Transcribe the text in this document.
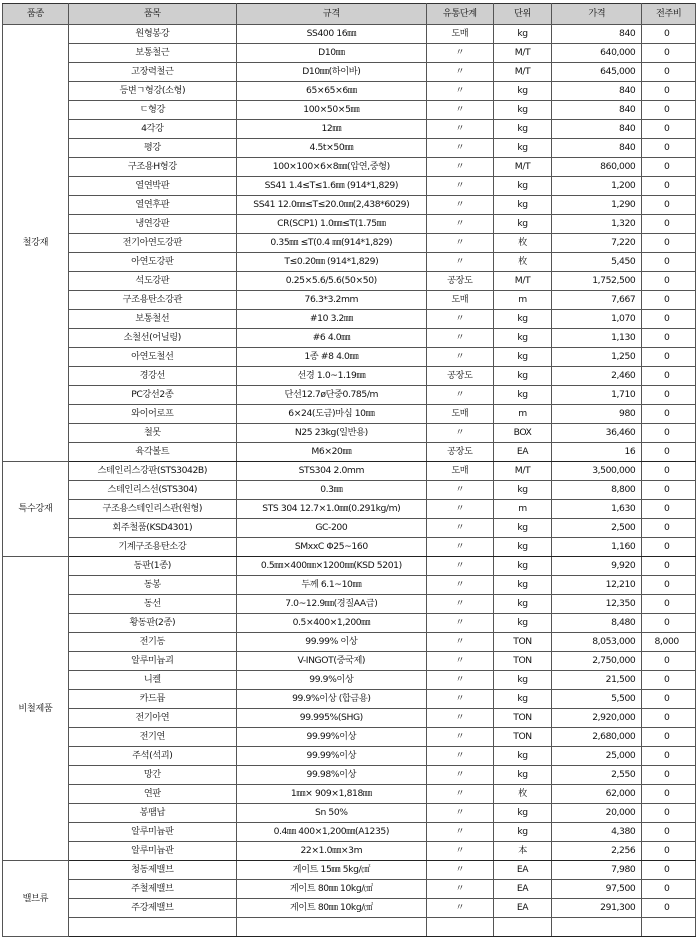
품종	품목	규격	유통단계	단위	가격	전주비
철강재	원형봉강	SS400 16㎜	도매	kg	840	0
	보통철근	D10㎜	〃	M/T	640,000	0
	고장력철근	D10㎜(하이바)	〃	M/T	645,000	0
	등변ㄱ형강(소형)	65×65×6㎜	〃	kg	840	0
	ㄷ형강	100×50×5㎜	〃	kg	840	0
	4각강	12㎜	〃	kg	840	0
	평강	4.5t×50㎜	〃	kg	840	0
	구조용H형강	100×100×6×8㎜(압연,중형)	〃	M/T	860,000	0
	열연박판	SS41 1.4≤T≤1.6㎜ (914*1,829)	〃	kg	1,200	0
	열연후판	SS41 12.0㎜≤T≤20.0㎜(2,438*6029)	〃	kg	1,290	0
	냉연강판	CR(SCP1) 1.0㎜≤T(1.75㎜	〃	kg	1,320	0
	전기아연도강판	0.35㎜ ≤T(0.4 ㎜(914*1,829)	〃	枚	7,220	0
	아연도강판	T≤0.20㎜ (914*1,829)	〃	枚	5,450	0
	석도강판	0.25×5.6/5.6(50×50)	공장도	M/T	1,752,500	0
	구조용탄소강관	76.3*3.2mm	도매	m	7,667	0
	보통철선	#10 3.2㎜	〃	kg	1,070	0
	소철선(어닐링)	#6 4.0㎜	〃	kg	1,130	0
	아연도철선	1종 #8 4.0㎜	〃	kg	1,250	0
	경강선	선경 1.0~1.19㎜	공장도	kg	2,460	0
	PC강선2종	단선12.7ø단중0.785/m	〃	kg	1,710	0
	와이어로프	6×24(도금)마심 10㎜	도매	m	980	0
	철못	N25 23kg(일반용)	〃	BOX	36,460	0
	육각볼트	M6×20㎜	공장도	EA	16	0
특수강재	스테인리스강판(STS3042B)	STS304 2.0mm	도매	M/T	3,500,000	0
	스테인리스선(STS304)	0.3㎜	〃	kg	8,800	0
	구조용스테인리스관(원형)	STS 304 12.7×1.0㎜(0.291kg/m)	〃	m	1,630	0
	회주철품(KSD4301)	GC-200	〃	kg	2,500	0
	기계구조용탄소강	SMxxC Φ25~160	〃	kg	1,160	0
비철제품	동판(1종)	0.5㎜×400㎜×1200㎜(KSD 5201)	〃	kg	9,920	0
	동봉	두께 6.1~10㎜	〃	kg	12,210	0
	동선	7.0~12.9㎜(경질AA급)	〃	kg	12,350	0
	황동판(2종)	0.5×400×1,200㎜	〃	kg	8,480	0
	전기동	99.99% 이상	〃	TON	8,053,000	8,000
	알루미늄괴	V-INGOT(중국제)	〃	TON	2,750,000	0
	니켈	99.9%이상	〃	kg	21,500	0
	카드뮴	99.9%이상 (합금용)	〃	kg	5,500	0
	전기아연	99.995%(SHG)	〃	TON	2,920,000	0
	전기연	99.99%이상	〃	TON	2,680,000	0
	주석(석괴)	99.99%이상	〃	kg	25,000	0
	망간	99.98%이상	〃	kg	2,550	0
	연판	1㎜× 909×1,818㎜	〃	枚	62,000	0
	봉땜납	Sn 50%	〃	kg	20,000	0
	알루미늄판	0.4㎜ 400×1,200㎜(A1235)	〃	kg	4,380	0
	알루미늄관	22×1.0㎜×3m	〃	本	2,256	0
밸브류	청동제밸브	게이트 15㎜ 5kg/㎠	〃	EA	7,980	0
	주철제밸브	게이트 80㎜ 10kg/㎠	〃	EA	97,500	0
	주강제밸브	게이트 80㎜ 10kg/㎠	〃	EA	291,300	0
